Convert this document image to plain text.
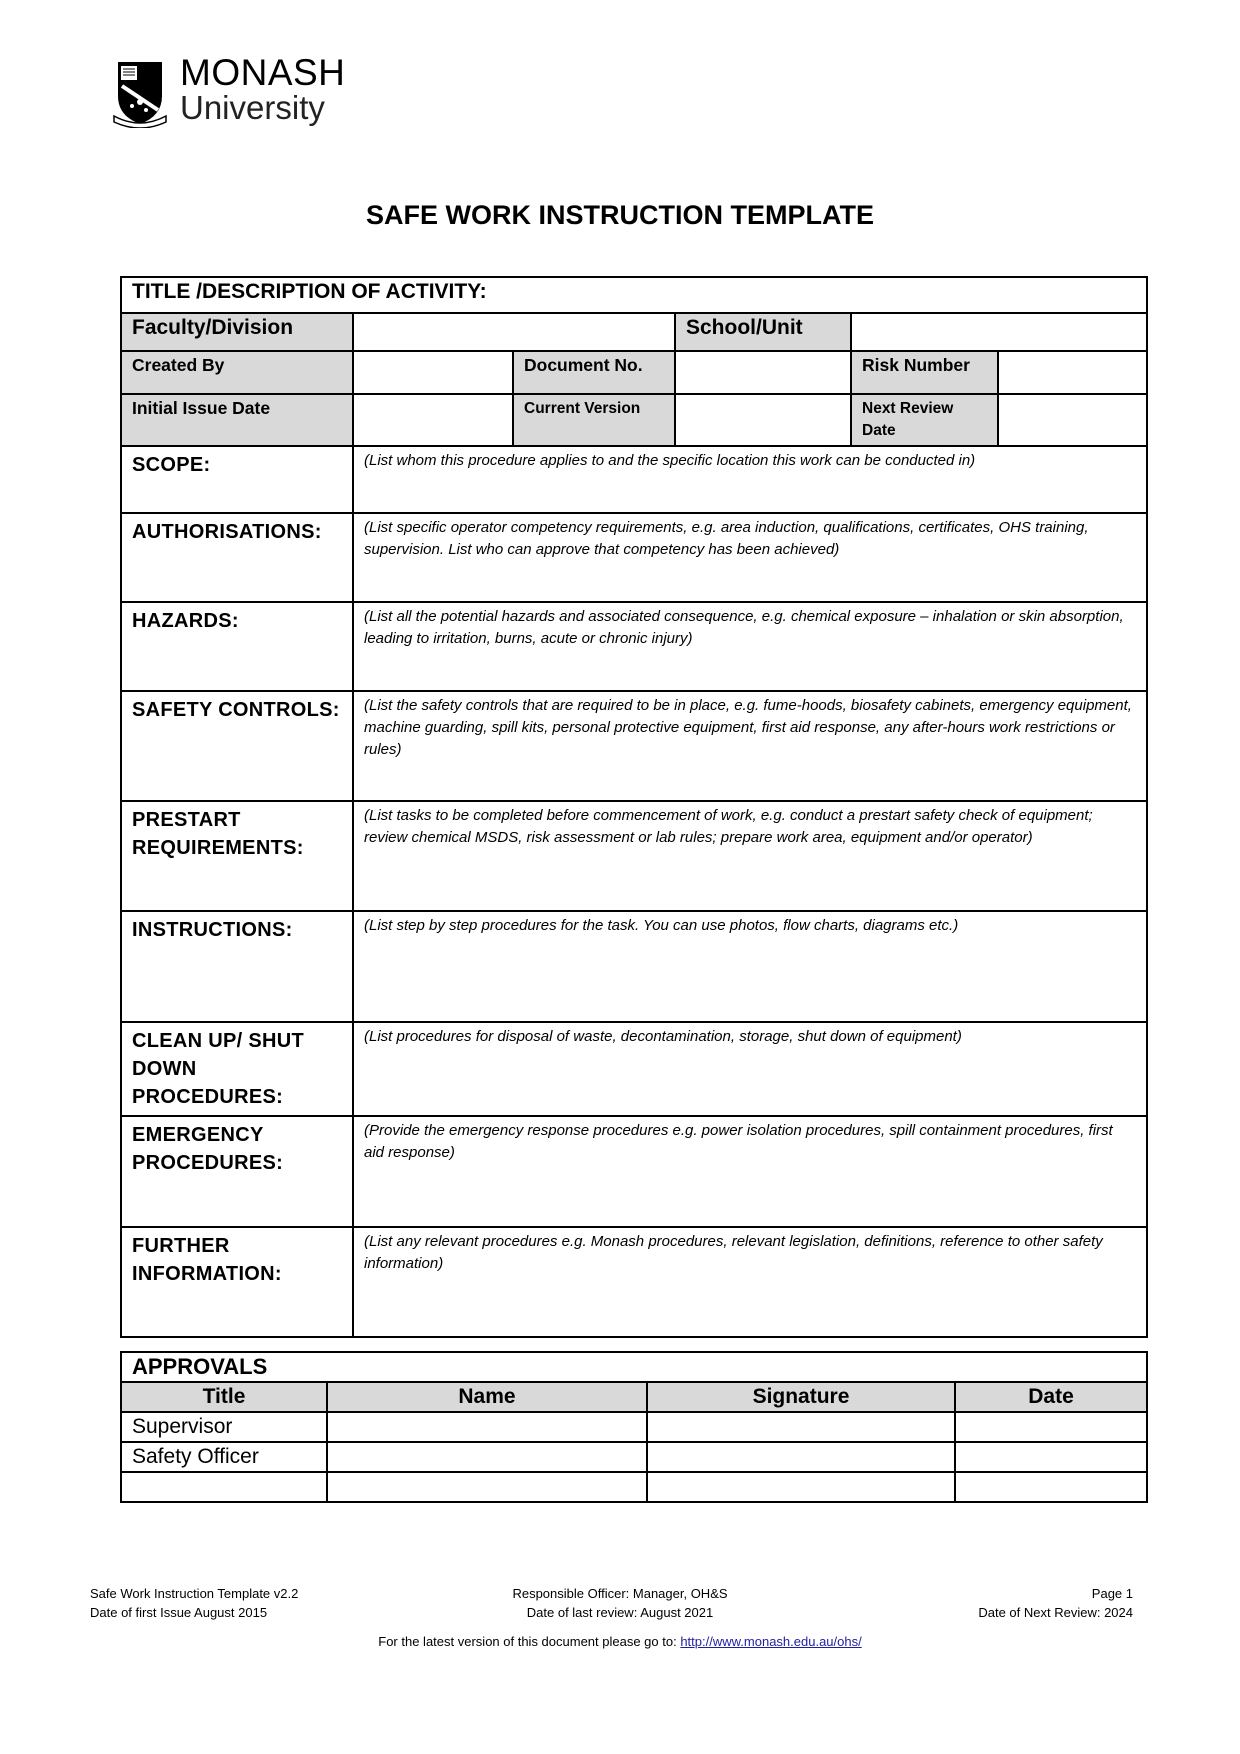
MONASH
University
SAFE WORK INSTRUCTION TEMPLATE
TITLE /DESCRIPTION OF ACTIVITY:					
Faculty/Division			School/Unit		
Created By		Document No.		Risk Number	
Initial Issue Date		Current Version		Next Review Date	
SCOPE:	(List whom this procedure applies to and the specific location this work can be conducted in)				
AUTHORISATIONS:	(List specific operator competency requirements, e.g. area induction, qualifications, certificates, OHS training, supervision. List who can approve that competency has been achieved)				
HAZARDS:	(List all the potential hazards and associated consequence, e.g. chemical exposure – inhalation or skin absorption, leading to irritation, burns, acute or chronic injury)				
SAFETY CONTROLS:	(List the safety controls that are required to be in place, e.g. fume-hoods, biosafety cabinets, emergency equipment, machine guarding, spill kits, personal protective equipment, first aid response, any after-hours work restrictions or rules)				
PRESTART REQUIREMENTS:	(List tasks to be completed before commencement of work, e.g. conduct a prestart safety check of equipment; review chemical MSDS, risk assessment or lab rules; prepare work area, equipment and/or operator)				
INSTRUCTIONS:	(List step by step procedures for the task. You can use photos, flow charts, diagrams etc.)				
CLEAN UP/ SHUT DOWN PROCEDURES:	(List procedures for disposal of waste, decontamination, storage, shut down of equipment)				
EMERGENCY PROCEDURES:	(Provide the emergency response procedures e.g. power isolation procedures, spill containment procedures, first aid response)				
FURTHER INFORMATION:	(List any relevant procedures e.g. Monash procedures, relevant legislation, definitions, reference to other safety information)				
APPROVALS			
Title	Name	Signature	Date
Supervisor			
Safety Officer			

Safe Work Instruction Template v2.2
Date of first Issue August 2015
Responsible Officer: Manager, OH&S
Date of last review: August 2021
Page 1
Date of Next Review: 2024
For the latest version of this document please go to: http://www.monash.edu.au/ohs/
